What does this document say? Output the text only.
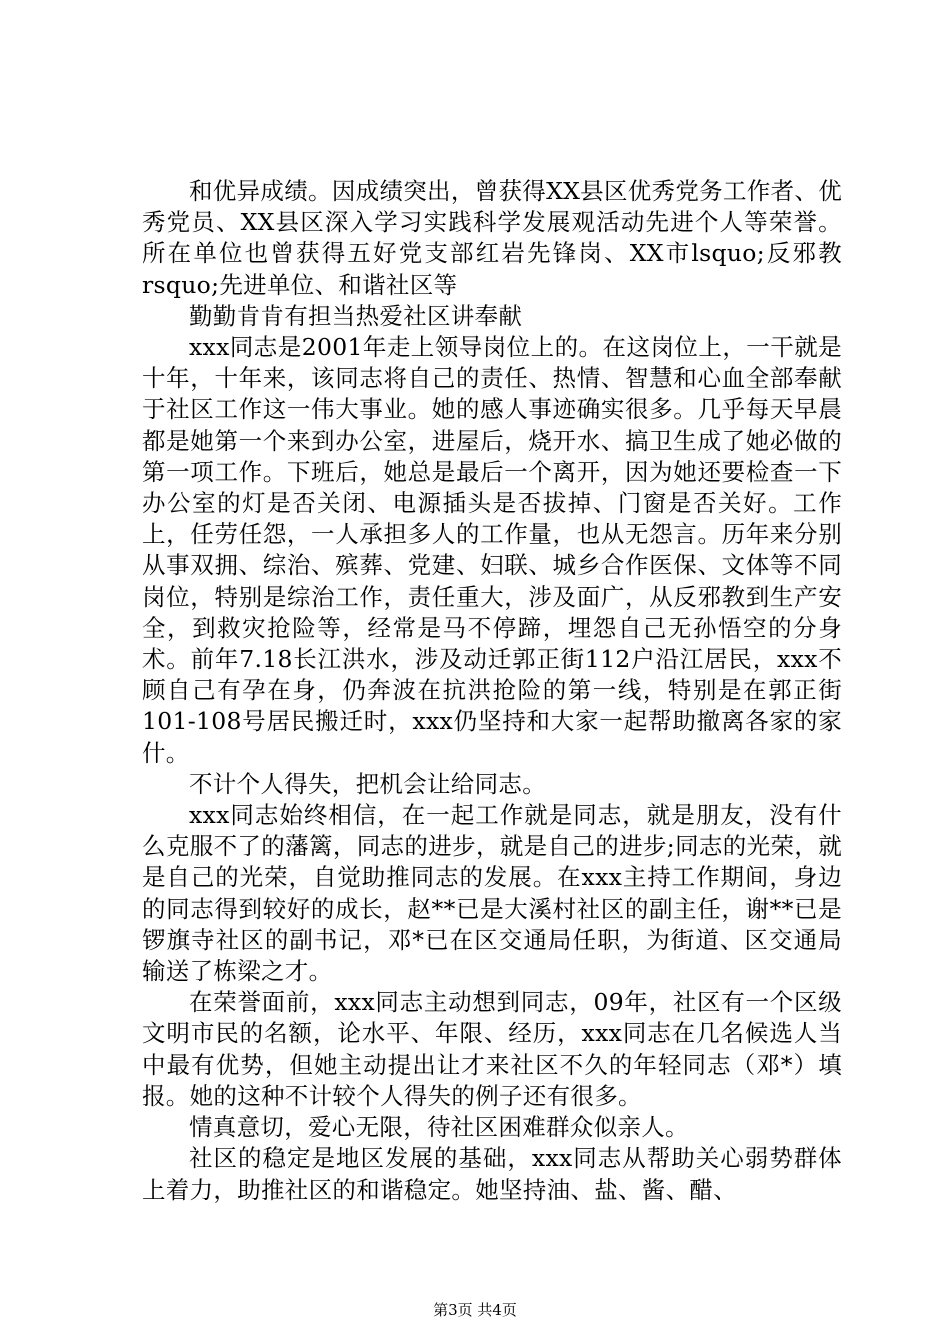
和优异成绩。因成绩突出，曾获得XX县区优秀党务工作者、优秀党员、XX县区深入学习实践科学发展观活动先进个人等荣誉。所在单位也曾获得五好党支部红岩先锋岗、XX市lsquo;反邪教rsquo;先进单位、和谐社区等

勤勤肯肯有担当热爱社区讲奉献

xxx同志是2001年走上领导岗位上的。在这岗位上，一干就是十年，十年来，该同志将自己的责任、热情、智慧和心血全部奉献于社区工作这一伟大事业。她的感人事迹确实很多。几乎每天早晨都是她第一个来到办公室，进屋后，烧开水、搞卫生成了她必做的第一项工作。下班后，她总是最后一个离开，因为她还要检查一下办公室的灯是否关闭、电源插头是否拔掉、门窗是否关好。工作上，任劳任怨，一人承担多人的工作量，也从无怨言。历年来分别从事双拥、综治、殡葬、党建、妇联、城乡合作医保、文体等不同岗位，特别是综治工作，责任重大，涉及面广，从反邪教到生产安全，到救灾抢险等，经常是马不停蹄，埋怨自己无孙悟空的分身术。前年7.18长江洪水，涉及动迁郭正街112户沿江居民，xxx不顾自己有孕在身，仍奔波在抗洪抢险的第一线，特别是在郭正街101-108号居民搬迁时，xxx仍坚持和大家一起帮助撤离各家的家什。

不计个人得失，把机会让给同志。

xxx同志始终相信，在一起工作就是同志，就是朋友，没有什么克服不了的藩篱，同志的进步，就是自己的进步;同志的光荣，就是自己的光荣，自觉助推同志的发展。在xxx主持工作期间，身边的同志得到较好的成长，赵**已是大溪村社区的副主任，谢**已是锣旗寺社区的副书记，邓*已在区交通局任职，为街道、区交通局输送了栋梁之才。

在荣誉面前，xxx同志主动想到同志，09年，社区有一个区级文明市民的名额，论水平、年限、经历，xxx同志在几名候选人当中最有优势，但她主动提出让才来社区不久的年轻同志（邓*）填报。她的这种不计较个人得失的例子还有很多。

情真意切，爱心无限，待社区困难群众似亲人。

社区的稳定是地区发展的基础，xxx同志从帮助关心弱势群体上着力，助推社区的和谐稳定。她坚持油、盐、酱、醋、

第3页 共4页
